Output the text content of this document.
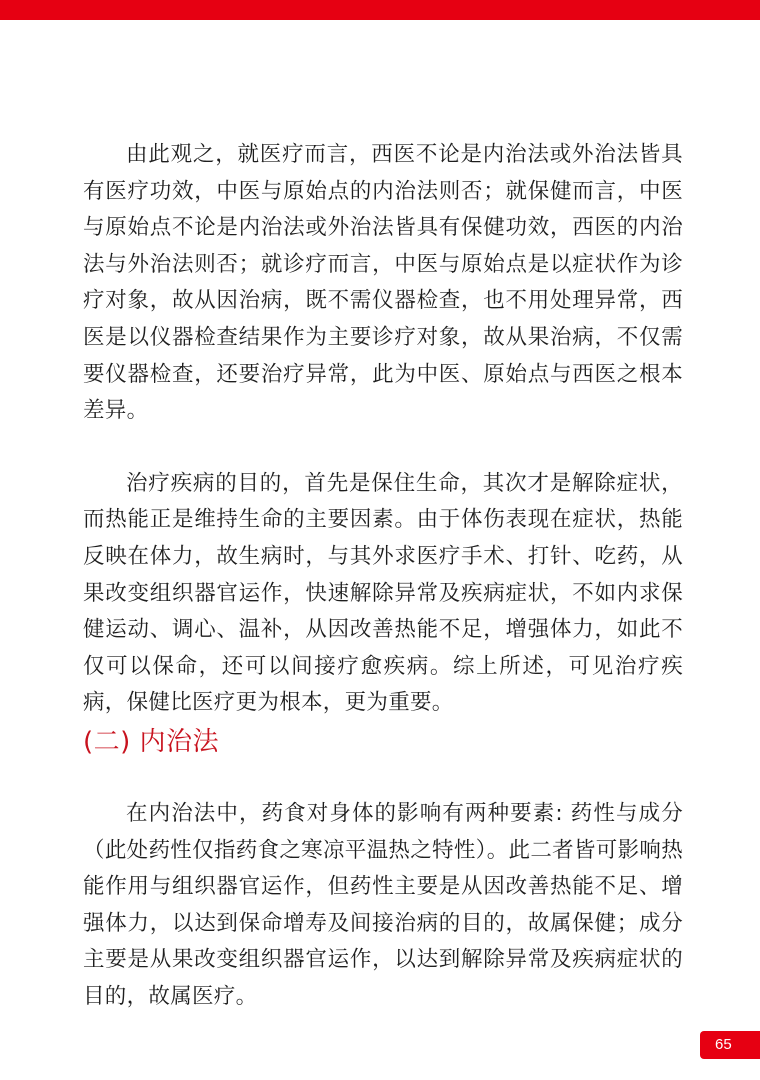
由此观之，就医疗而言，西医不论是内治法或外治法皆具有医疗功效，中医与原始点的内治法则否；就保健而言，中医与原始点不论是内治法或外治法皆具有保健功效，西医的内治法与外治法则否；就诊疗而言，中医与原始点是以症状作为诊疗对象，故从因治病，既不需仪器检查，也不用处理异常，西医是以仪器检查结果作为主要诊疗对象，故从果治病，不仅需要仪器检查，还要治疗异常，此为中医、原始点与西医之根本差异。

治疗疾病的目的，首先是保住生命，其次才是解除症状，而热能正是维持生命的主要因素。由于体伤表现在症状，热能反映在体力，故生病时，与其外求医疗手术、打针、吃药，从果改变组织器官运作，快速解除异常及疾病症状，不如内求保健运动、调心、温补，从因改善热能不足，增强体力，如此不仅可以保命，还可以间接疗愈疾病。综上所述，可见治疗疾病，保健比医疗更为根本，更为重要。

(二) 内治法

在内治法中，药食对身体的影响有两种要素: 药性与成分（此处药性仅指药食之寒凉平温热之特性）。此二者皆可影响热能作用与组织器官运作，但药性主要是从因改善热能不足、增强体力，以达到保命增寿及间接治病的目的，故属保健；成分主要是从果改变组织器官运作，以达到解除异常及疾病症状的目的，故属医疗。

65
